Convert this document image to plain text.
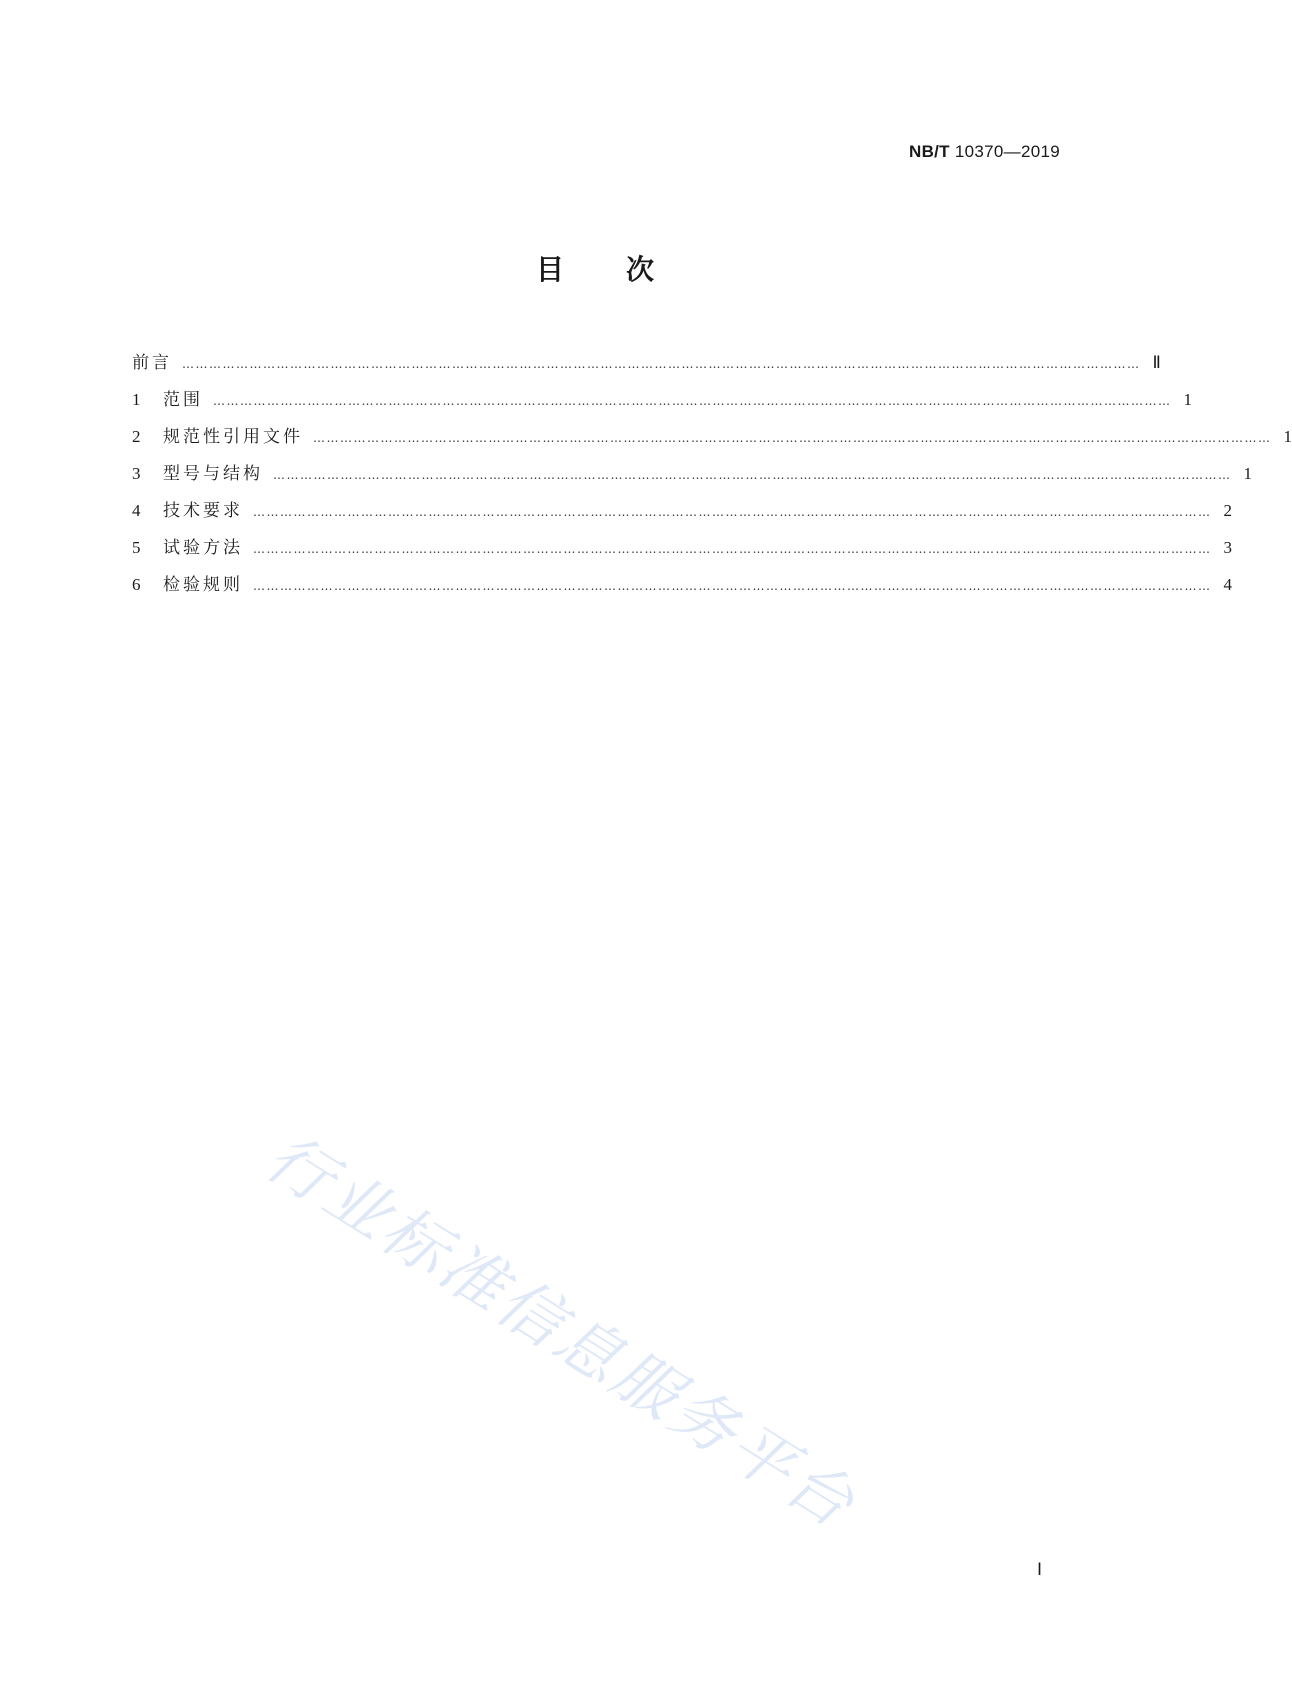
NB/T 10370—2019
目次
前言 …………………………………………………………………………………………………………………………………………………………………………………………… Ⅱ
1	范围 …………………………………………………………………………………………………………………………………………………………………………………………… 1
2	规范性引用文件 …………………………………………………………………………………………………………………………………………………………………………………………… 1
3	型号与结构 …………………………………………………………………………………………………………………………………………………………………………………………… 1
4	技术要求 …………………………………………………………………………………………………………………………………………………………………………………………… 2
5	试验方法 …………………………………………………………………………………………………………………………………………………………………………………………… 3
6	检验规则 …………………………………………………………………………………………………………………………………………………………………………………………… 4
行业标准信息服务平台
Ⅰ
